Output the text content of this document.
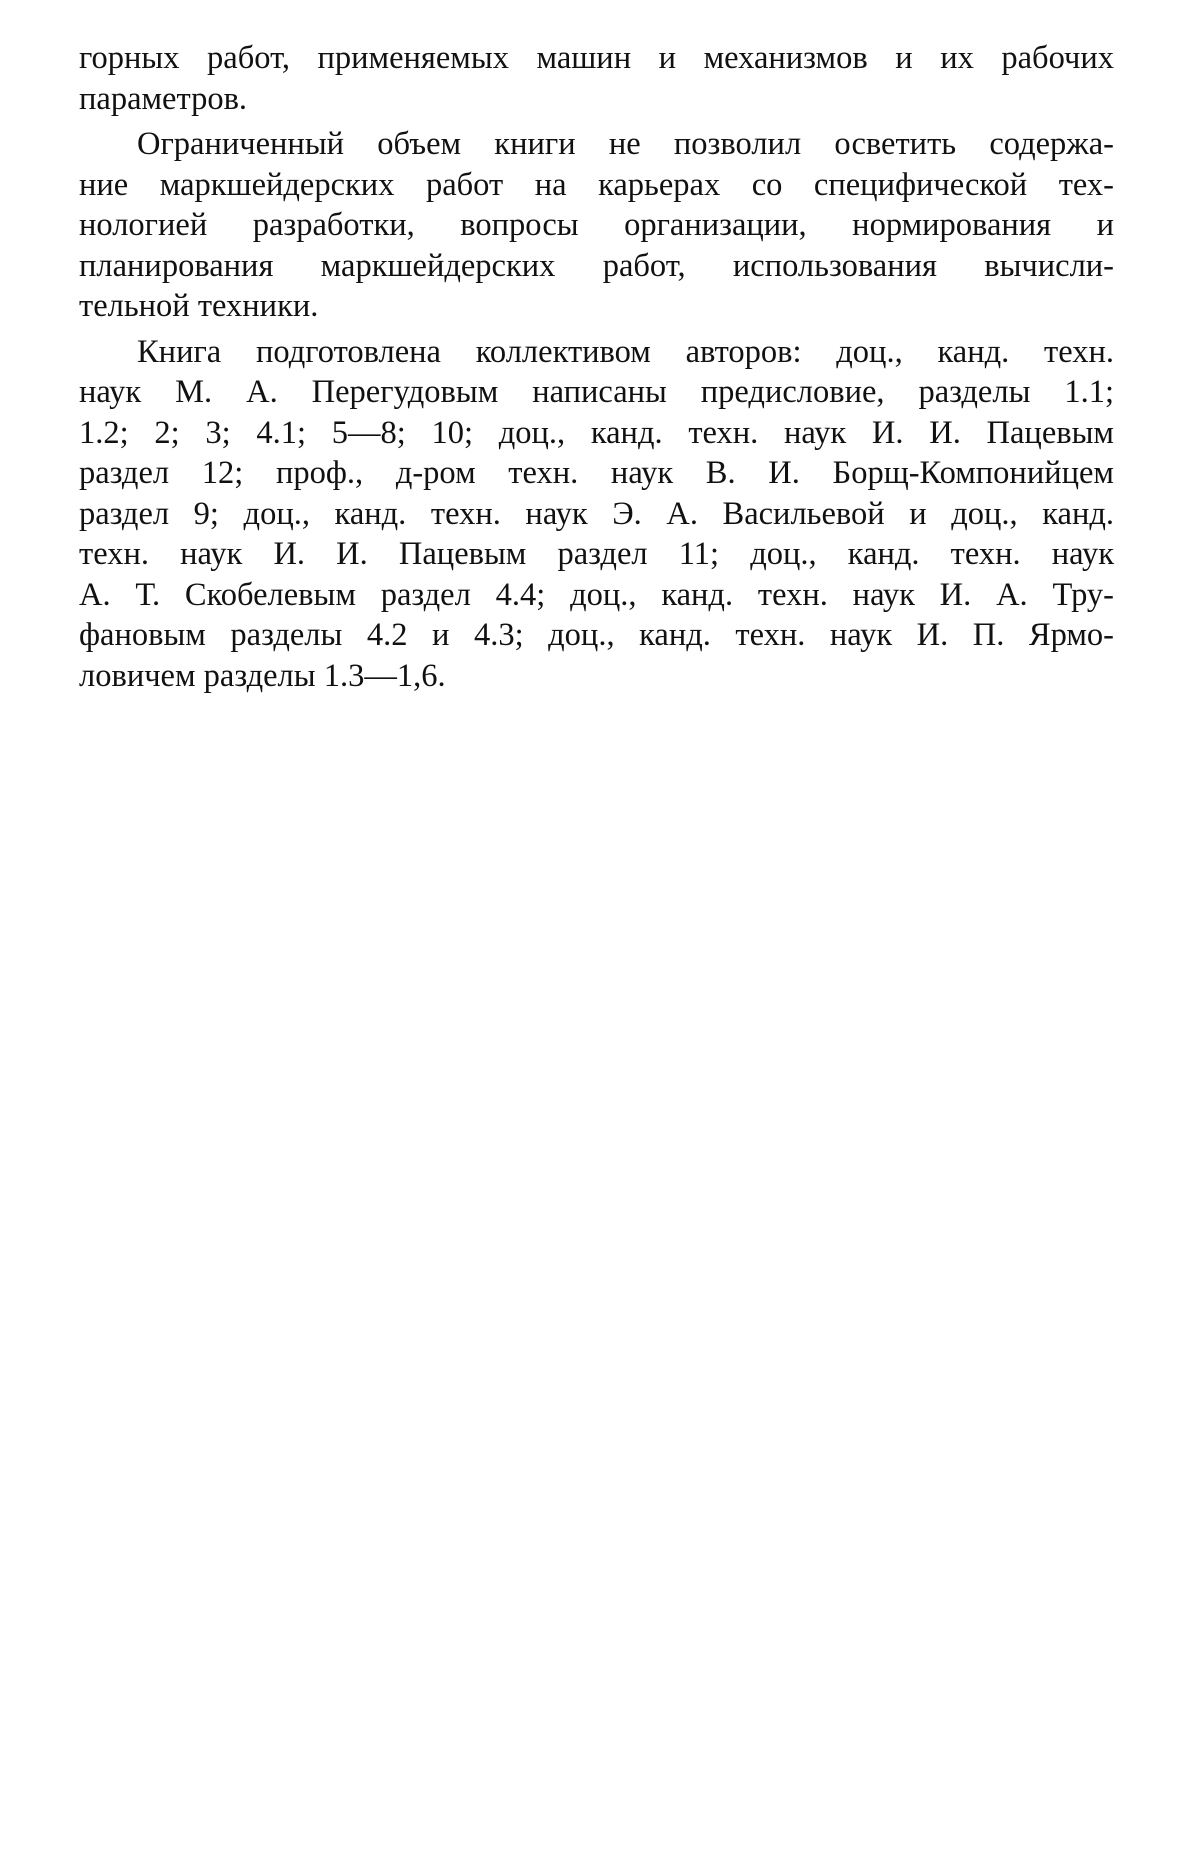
горных работ, применяемых машин и механизмов и их рабочих
параметров.

Ограниченный объем книги не позволил осветить содержа-
ние маркшейдерских работ на карьерах со специфической тех-
нологией разработки, вопросы организации, нормирования и
планирования маркшейдерских работ, использования вычисли-
тельной техники.

Книга подготовлена коллективом авторов: доц., канд. техн.
наук М. А. Перегудовым написаны предисловие, разделы 1.1;
1.2; 2; 3; 4.1; 5—8; 10; доц., канд. техн. наук И. И. Пацевым
раздел 12; проф., д-ром техн. наук В. И. Борщ-Компонийцем
раздел 9; доц., канд. техн. наук Э. А. Васильевой и доц., канд.
техн. наук И. И. Пацевым раздел 11; доц., канд. техн. наук
А. Т. Скобелевым раздел 4.4; доц., канд. техн. наук И. А. Тру-
фановым разделы 4.2 и 4.3; доц., канд. техн. наук И. П. Ярмо-
ловичем разделы 1.3—1,6.
